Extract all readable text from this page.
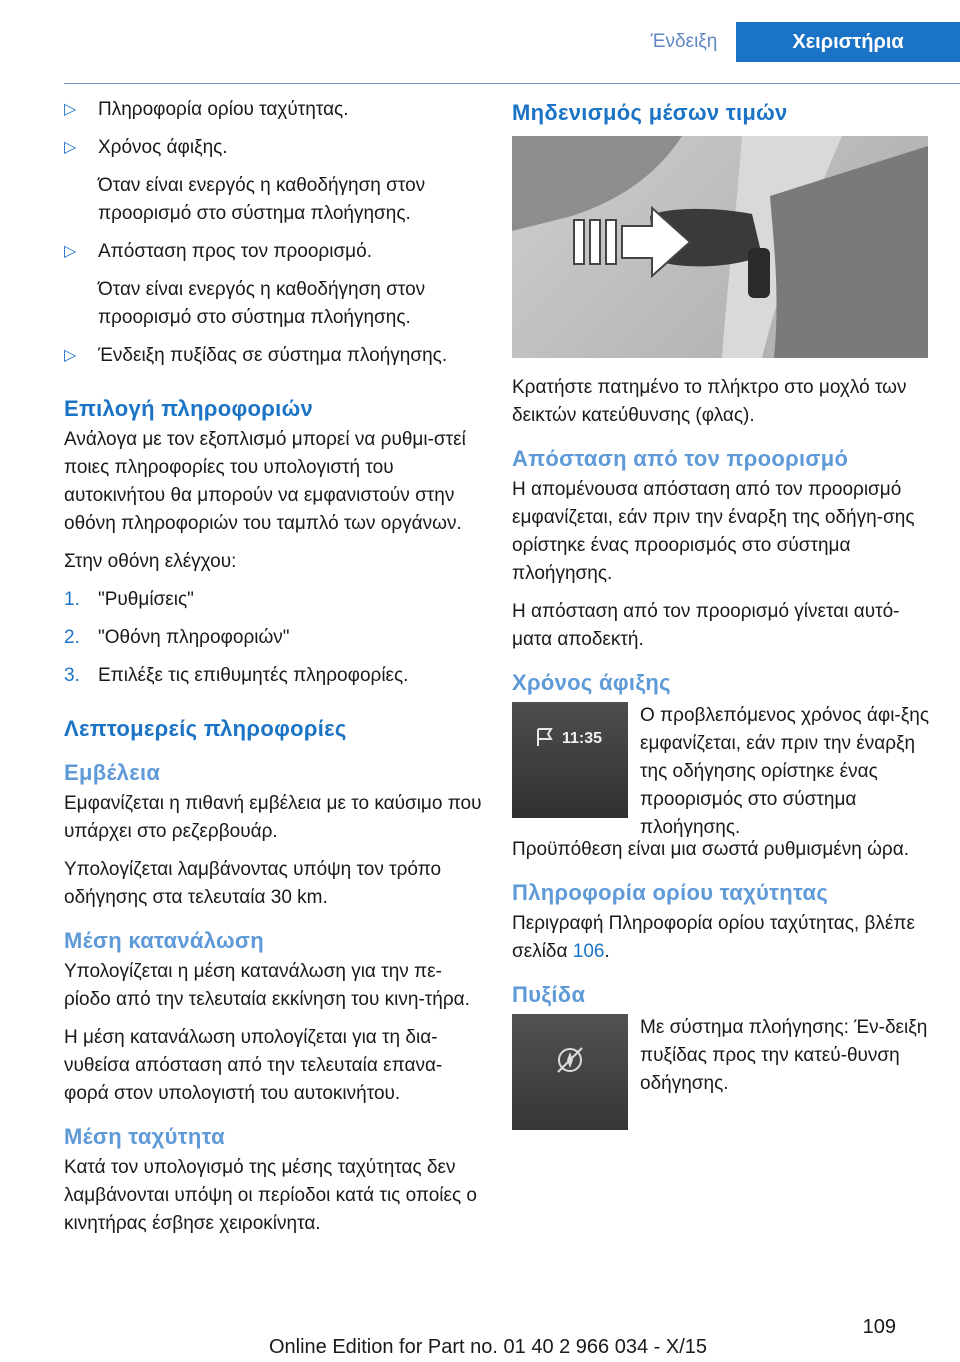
Ένδειξη	Χειριστήρια
▷ Πληροφορία ορίου ταχύτητας.
▷ Χρόνος άφιξης.
Όταν είναι ενεργός η καθοδήγηση στον προορισμό στο σύστημα πλοήγησης.
▷ Απόσταση προς τον προορισμό.
Όταν είναι ενεργός η καθοδήγηση στον προορισμό στο σύστημα πλοήγησης.
▷ Ένδειξη πυξίδας σε σύστημα πλοήγησης.
Επιλογή πληροφοριών

Ανάλογα με τον εξοπλισμό μπορεί να ρυθμι-στεί ποιες πληροφορίες του υπολογιστή του αυτοκινήτου θα μπορούν να εμφανιστούν στην οθόνη πληροφοριών του ταμπλό των οργάνων.

Στην οθόνη ελέγχου:

1. "Ρυθμίσεις"
2. "Οθόνη πληροφοριών"
3. Επιλέξε τις επιθυμητές πληροφορίες.
Λεπτομερείς πληροφορίες
Εμβέλεια

Εμφανίζεται η πιθανή εμβέλεια με το καύσιμο που υπάρχει στο ρεζερβουάρ.

Υπολογίζεται λαμβάνοντας υπόψη τον τρόπο οδήγησης στα τελευταία 30 km.

Μέση κατανάλωση

Υπολογίζεται η μέση κατανάλωση για την πε-ρίοδο από την τελευταία εκκίνηση του κινη-τήρα.

Η μέση κατανάλωση υπολογίζεται για τη δια-νυθείσα απόσταση από την τελευταία επανα-φορά στον υπολογιστή του αυτοκινήτου.

Μέση ταχύτητα

Κατά τον υπολογισμό της μέσης ταχύτητας δεν λαμβάνονται υπόψη οι περίοδοι κατά τις οποίες ο κινητήρας έσβησε χειροκίνητα.

Μηδενισμός μέσων τιμών

Κρατήστε πατημένο το πλήκτρο στο μοχλό των δεικτών κατεύθυνσης (φλας).

Απόσταση από τον προορισμό

Η απομένουσα απόσταση από τον προορισμό εμφανίζεται, εάν πριν την έναρξη της οδήγη-σης ορίστηκε ένας προορισμός στο σύστημα πλοήγησης.

Η απόσταση από τον προορισμό γίνεται αυτό-ματα αποδεκτή.

Χρόνος άφιξης
11:35
Ο προβλεπόμενος χρόνος άφι-ξης εμφανίζεται, εάν πριν την έναρξη της οδήγησης ορίστηκε ένας προορισμός στο σύστημα πλοήγησης.

Προϋπόθεση είναι μια σωστά ρυθμισμένη ώρα.

Πληροφορία ορίου ταχύτητας

Περιγραφή Πληροφορία ορίου ταχύτητας, βλέπε σελίδα 106.

Πυξίδα
Με σύστημα πλοήγησης: Έν-δειξη πυξίδας προς την κατεύ-θυνση οδήγησης.
109
Online Edition for Part no. 01 40 2 966 034 - X/15
